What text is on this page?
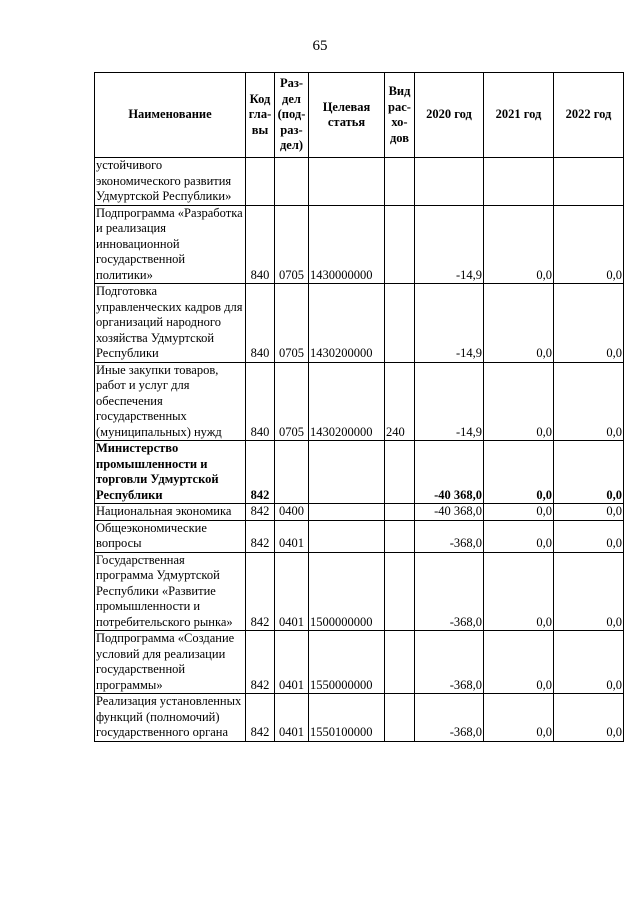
65
Наименование	Код гла-вы	Раз-дел (под-раз-дел)	Целевая статья	Вид рас-хо-дов	2020 год	2021 год	2022 год
устойчивого экономического развития Удмуртской Республики»							
Подпрограмма «Разработка и реализация инновационной государственной политики»	840	0705	1430000000		-14,9	0,0	0,0
Подготовка управленческих кадров для организаций народного хозяйства Удмуртской Республики	840	0705	1430200000		-14,9	0,0	0,0
Иные закупки товаров, работ и услуг для обеспечения государственных (муниципальных) нужд	840	0705	1430200000	240	-14,9	0,0	0,0
Министерство промышленности и торговли Удмуртской Республики	842				-40 368,0	0,0	0,0
Национальная экономика	842	0400			-40 368,0	0,0	0,0
Общеэкономические вопросы	842	0401			-368,0	0,0	0,0
Государственная программа Удмуртской Республики «Развитие промышленности и потребительского рынка»	842	0401	1500000000		-368,0	0,0	0,0
Подпрограмма «Создание условий для реализации государственной программы»	842	0401	1550000000		-368,0	0,0	0,0
Реализация установленных функций (полномочий) государственного органа	842	0401	1550100000		-368,0	0,0	0,0
